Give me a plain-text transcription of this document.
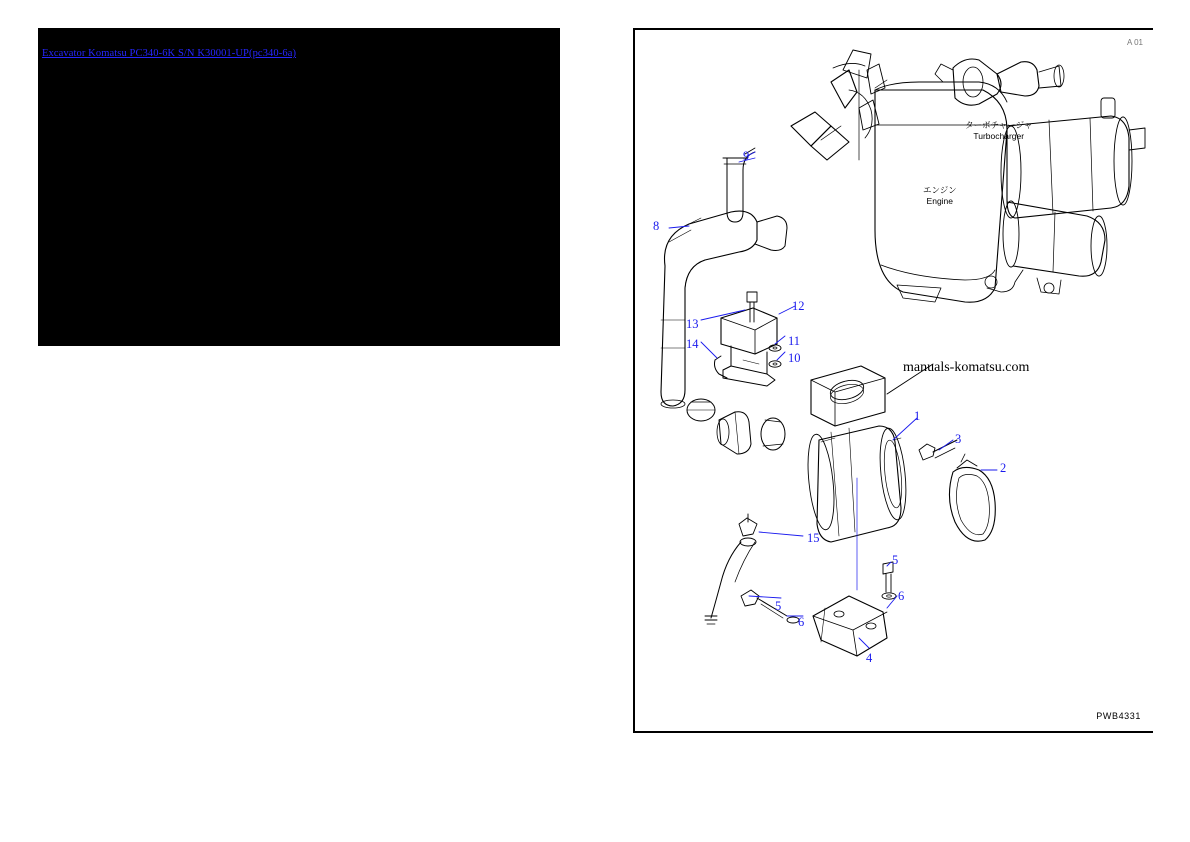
Excavator Komatsu PC340-6K S/N K30001-UP(pc340-6a)
A 01
ターボチャージャ
Turbocharger
エンジン
Engine
9
8
12
13
11
14
10
1
3
2
15
5
6
5
6
4
manuals-komatsu.com
PWB4331
